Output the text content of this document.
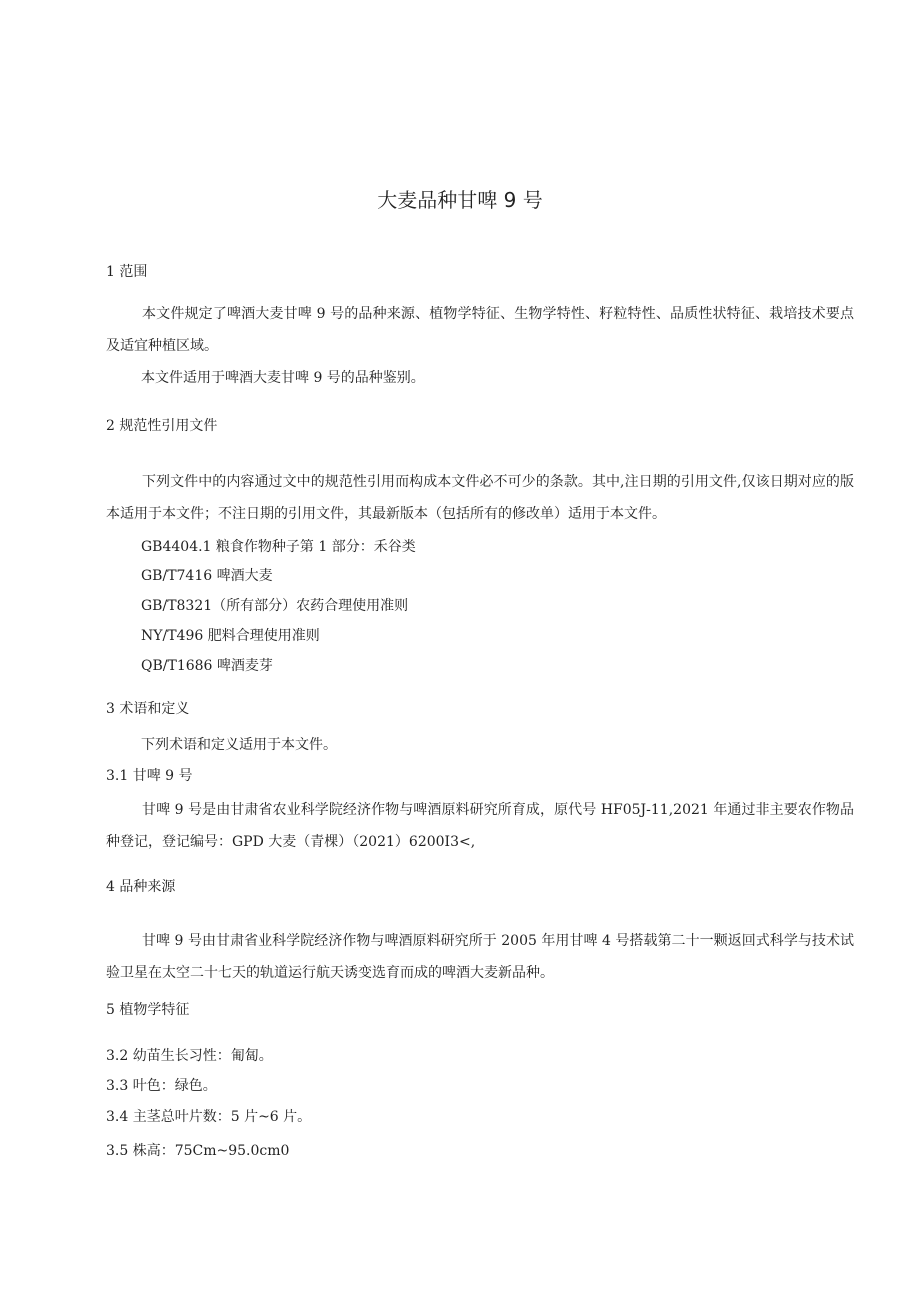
大麦品种甘啤 9 号
1 范围
本文件规定了啤酒大麦甘啤 9 号的品种来源、植物学特征、生物学特性、籽粒特性、品质性状特征、栽培技术要点及适宜种植区域。
本文件适用于啤酒大麦甘啤 9 号的品种鉴别。
2 规范性引用文件
下列文件中的内容通过文中的规范性引用而构成本文件必不可少的条款。其中,注日期的引用文件,仅该日期对应的版本适用于本文件；不注日期的引用文件，其最新版本（包括所有的修改单）适用于本文件。
GB4404.1 粮食作物种子第 1 部分：禾谷类
GB/T7416 啤酒大麦
GB/T8321（所有部分）农药合理使用准则
NY/T496 肥料合理使用准则
QB/T1686 啤酒麦芽
3 术语和定义
下列术语和定义适用于本文件。
3.1 甘啤 9 号
甘啤 9 号是由甘肃省农业科学院经济作物与啤酒原料研究所育成，原代号 HF05J-11,2021 年通过非主要农作物品种登记，登记编号：GPD 大麦（青棵）（2021）6200I3<,
4 品种来源
甘啤 9 号由甘肃省业科学院经济作物与啤酒原料研究所于 2005 年用甘啤 4 号搭载第二十一颗返回式科学与技术试验卫星在太空二十七天的轨道运行航天诱变选育而成的啤酒大麦新品种。
5 植物学特征
3.2 幼苗生长习性：匍匐。
3.3 叶色：绿色。
3.4 主茎总叶片数：5 片~6 片。
3.5 株高：75Cm~95.0cm0
